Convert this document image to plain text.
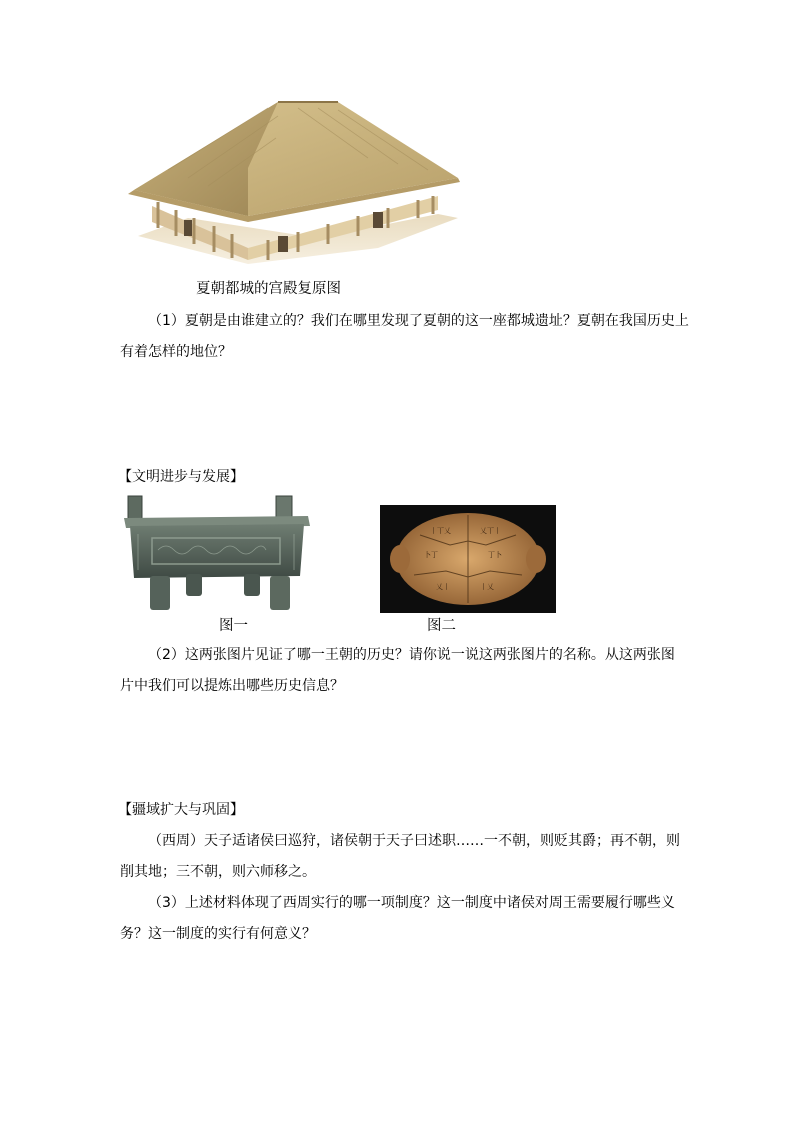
夏朝都城的宫殿复原图
（1）夏朝是由谁建立的？我们在哪里发现了夏朝的这一座都城遗址？夏朝在我国历史上
有着怎样的地位？
【文明进步与发展】
丨丅乂	乂丅丨
卜丁	丁卜
乂丨	丨乂
图一	图二
（2）这两张图片见证了哪一王朝的历史？请你说一说这两张图片的名称。从这两张图
片中我们可以提炼出哪些历史信息？
【疆域扩大与巩固】
（西周）天子适诸侯曰巡狩，诸侯朝于天子曰述职……一不朝，则贬其爵；再不朝，则
削其地；三不朝，则六师移之。
（3）上述材料体现了西周实行的哪一项制度？这一制度中诸侯对周王需要履行哪些义
务？这一制度的实行有何意义？
